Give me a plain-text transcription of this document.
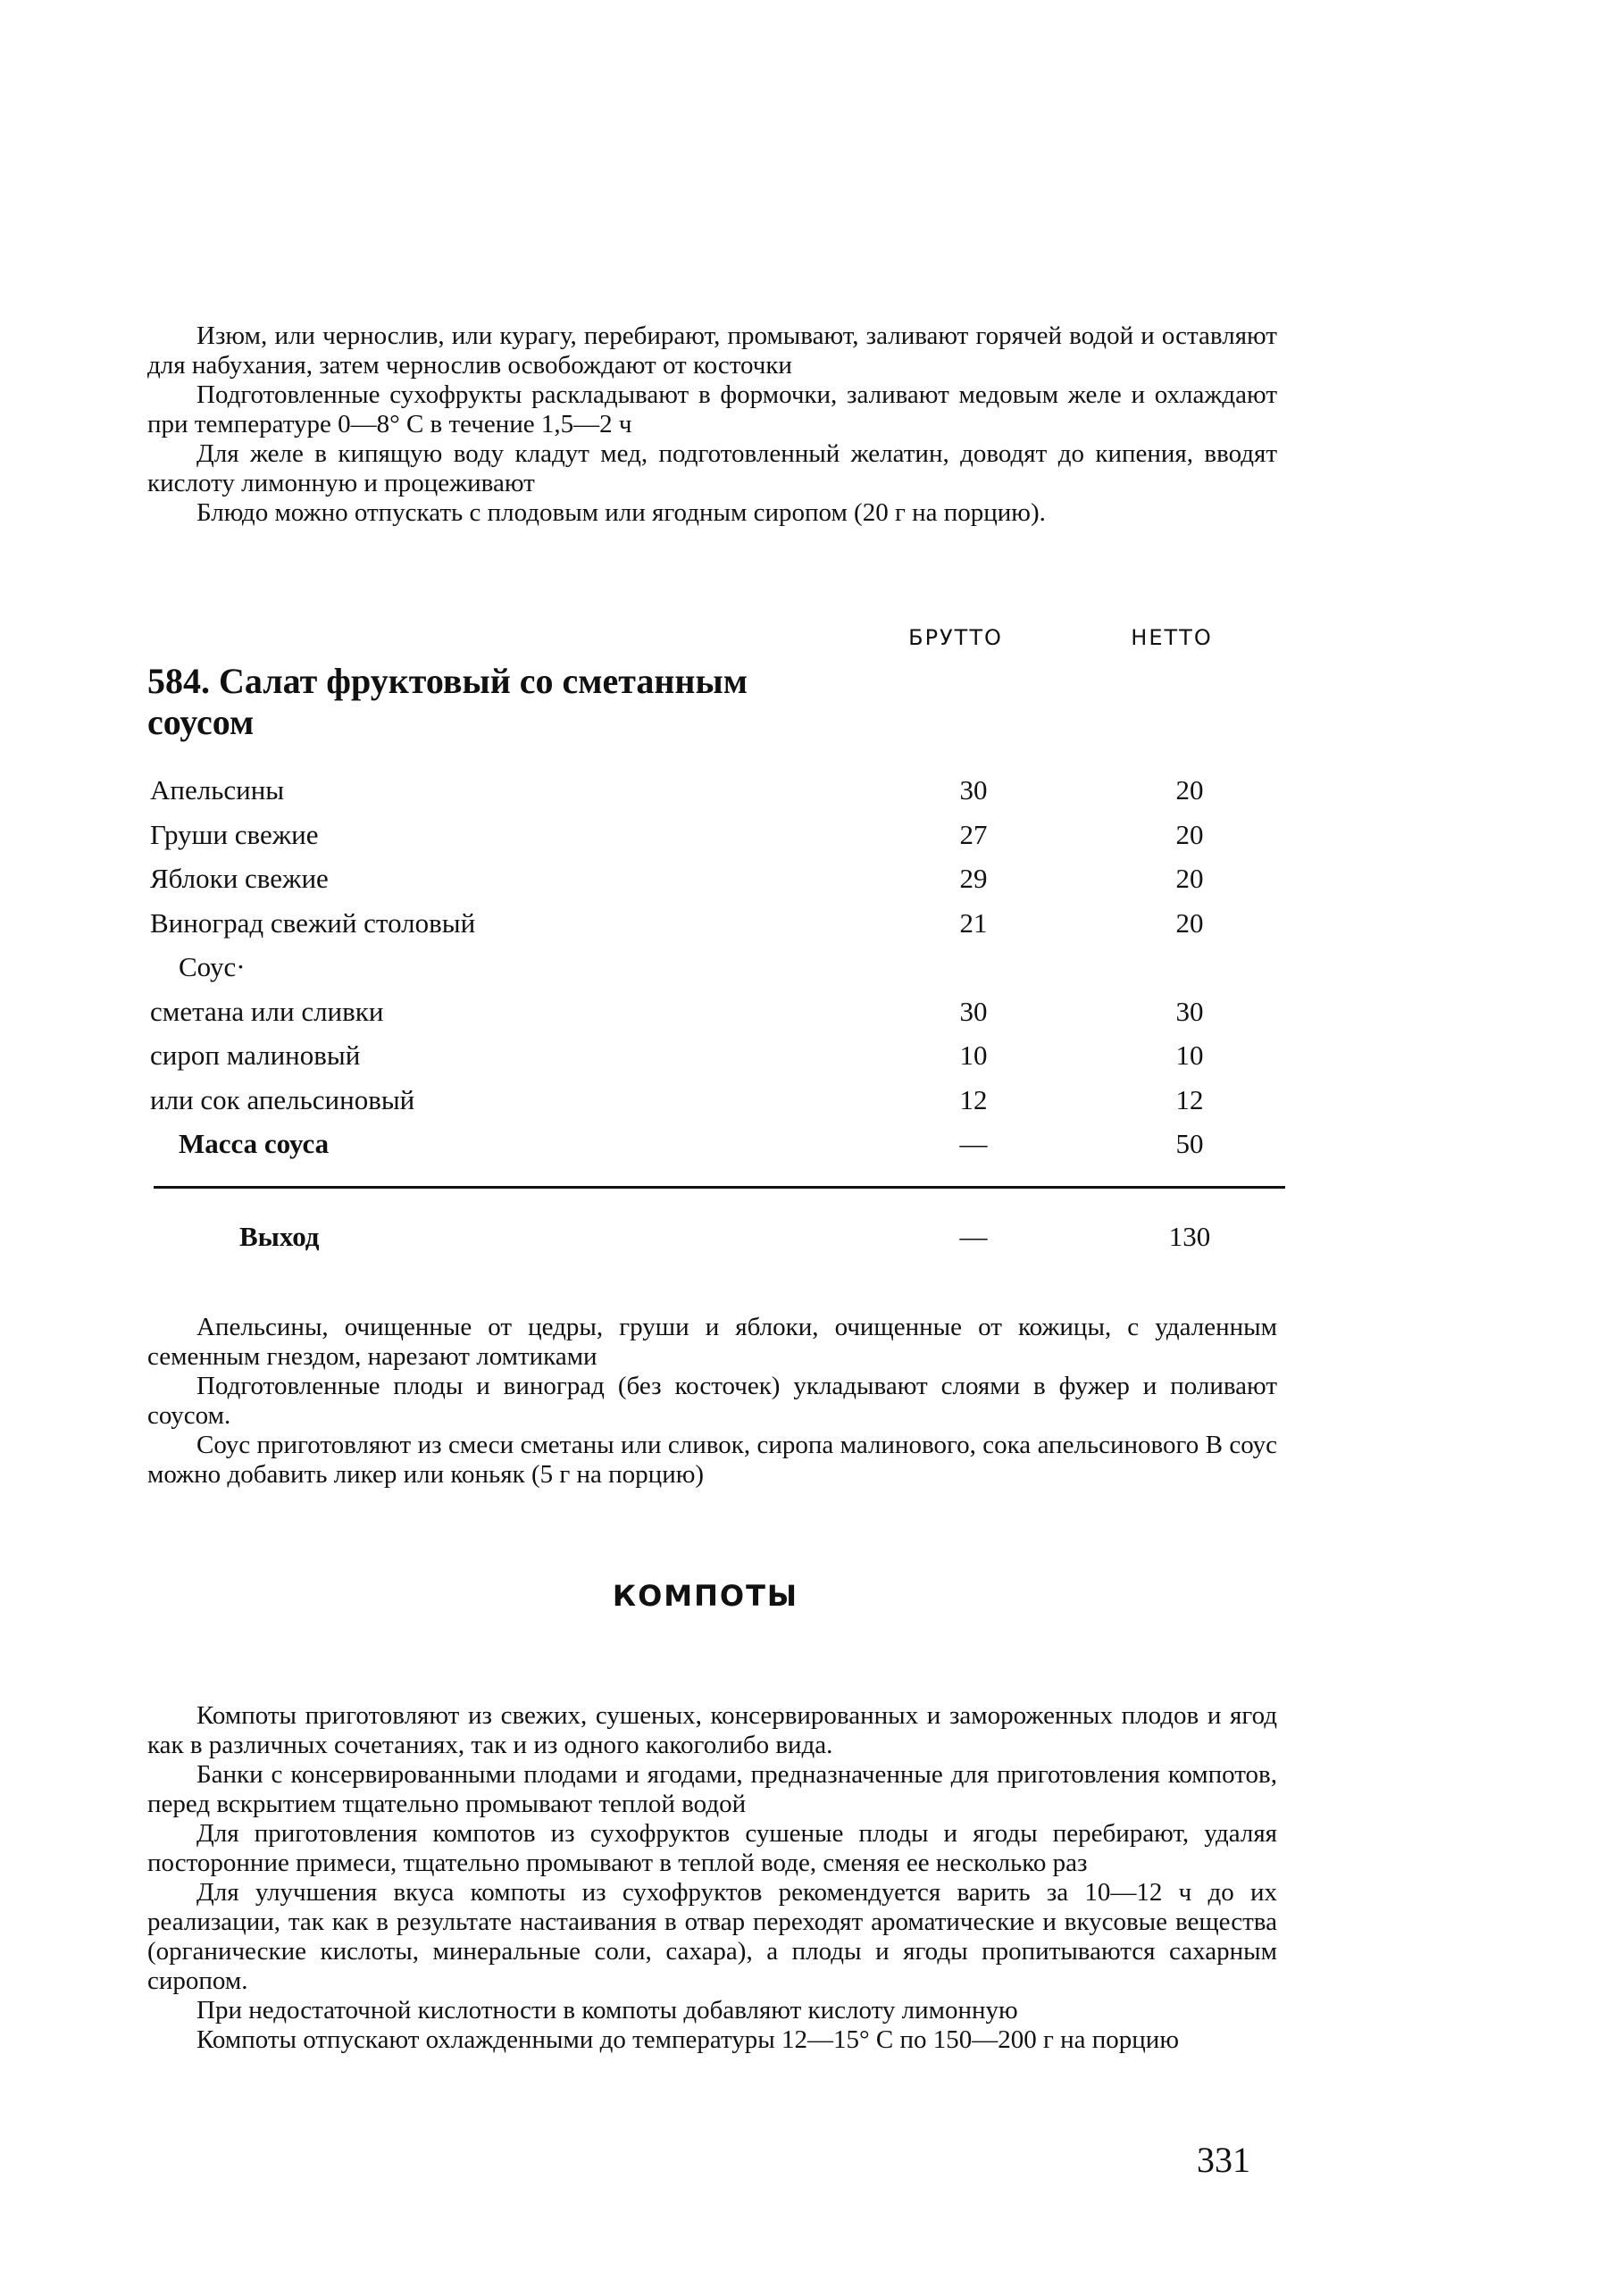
Изюм, или чернослив, или курагу, перебирают, промывают, заливают горячей водой и оставляют для набухания, затем чернослив освобождают от косточки

Подготовленные сухофрукты раскладывают в формочки, заливают медовым желе и охлаждают при температуре 0—8° С в течение 1,5—2 ч

Для желе в кипящую воду кладут мед, подготовленный желатин, доводят до кипения, вводят кислоту лимонную и процеживают

Блюдо можно отпускать с плодовым или ягодным сиропом (20 г на порцию).

БРУТТО	НЕТТО
584. Салат фруктовый со сметанным соусом
Апельсины	30	20
Груши свежие	27	20
Яблоки свежие	29	20
Виноград свежий столовый	21	20
Соус·
сметана или сливки	30	30
сироп малиновый	10	10
или сок апельсиновый	12	12
Масса соуса	—	50
Выход	—	130

Апельсины, очищенные от цедры, груши и яблоки, очищенные от кожицы, с удаленным семенным гнездом, нарезают ломтиками

Подготовленные плоды и виноград (без косточек) укладывают слоями в фужер и поливают соусом.

Соус приготовляют из смеси сметаны или сливок, сиропа малинового, сока апельсинового В соус можно добавить ликер или коньяк (5 г на порцию)

КОМПОТЫ

Компоты приготовляют из свежих, сушеных, консервированных и замороженных плодов и ягод как в различных сочетаниях, так и из одного какоголибо вида.

Банки с консервированными плодами и ягодами, предназначенные для приготовления компотов, перед вскрытием тщательно промывают теплой водой

Для приготовления компотов из сухофруктов сушеные плоды и ягоды перебирают, удаляя посторонние примеси, тщательно промывают в теплой воде, сменяя ее несколько раз

Для улучшения вкуса компоты из сухофруктов рекомендуется варить за 10—12 ч до их реализации, так как в результате настаивания в отвар переходят ароматические и вкусовые вещества (органические кислоты, минеральные соли, сахара), а плоды и ягоды пропитываются сахарным сиропом.

При недостаточной кислотности в компоты добавляют кислоту лимонную

Компоты отпускают охлажденными до температуры 12—15° С по 150—200 г на порцию

331
